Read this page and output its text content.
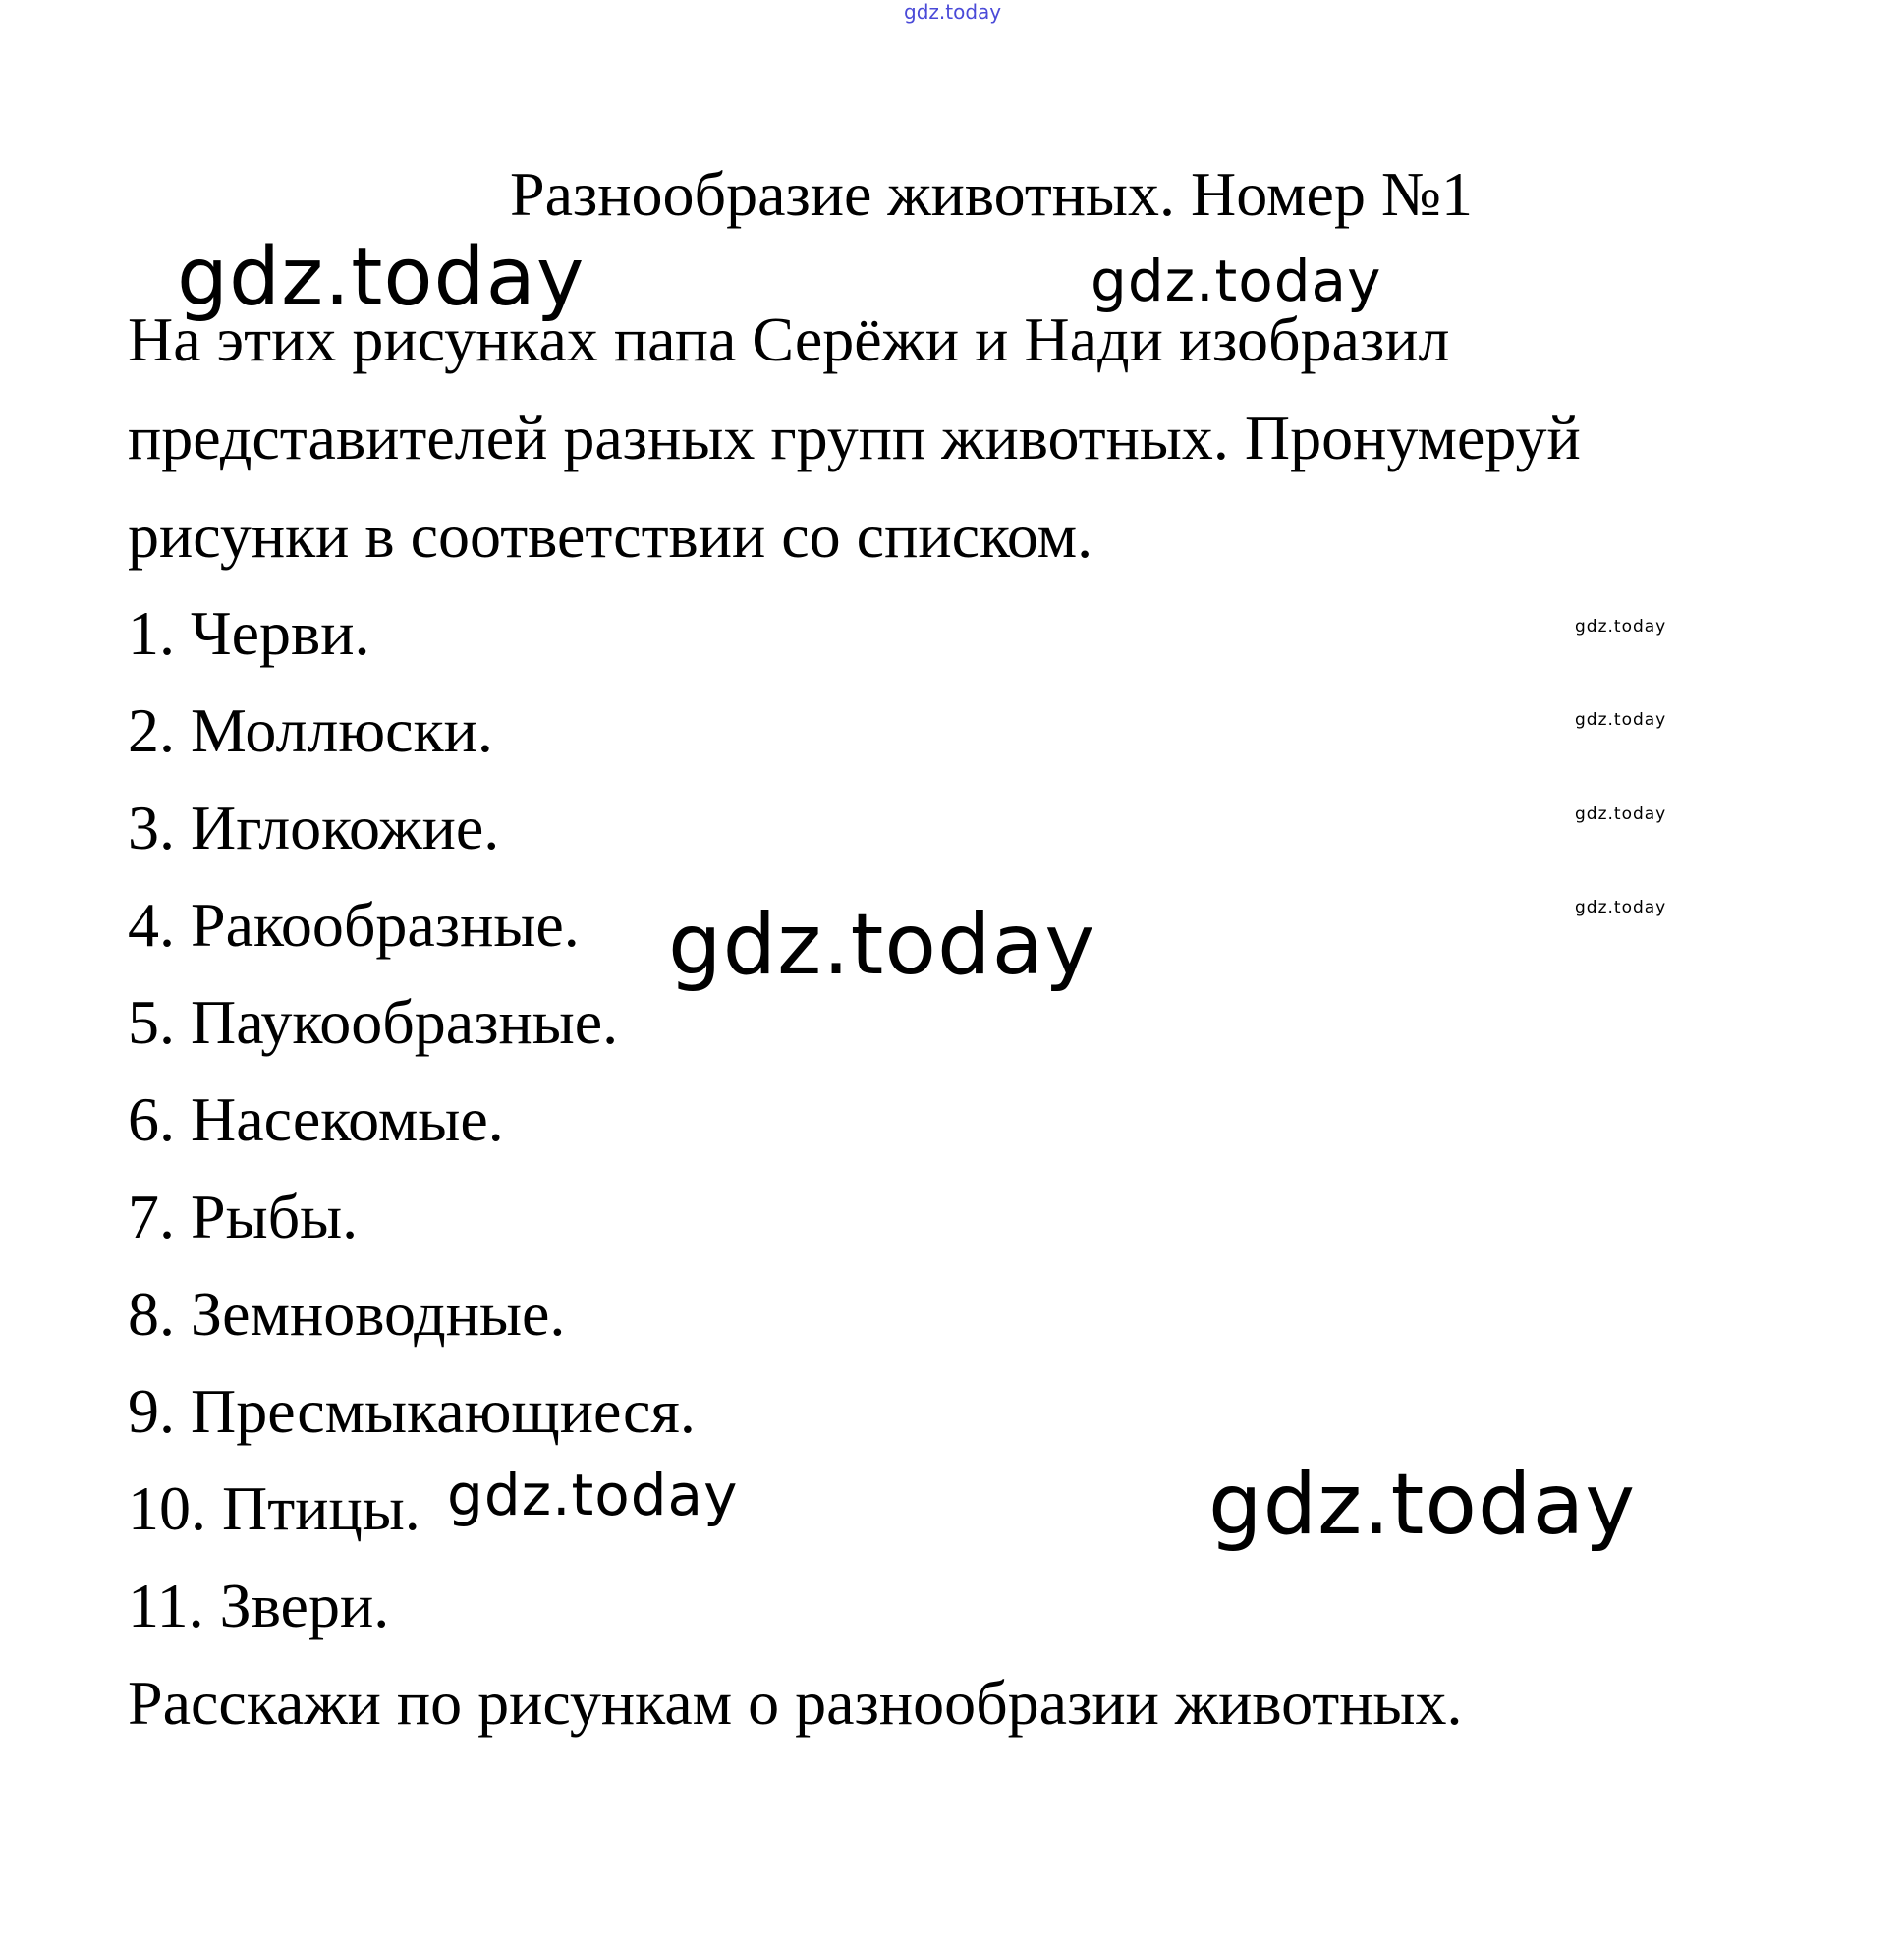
gdz.today
Разнообразие животных. Номер №1
gdz.today	gdz.today
На этих рисунках папа Серёжи и Нади изобразил
представителей разных групп животных. Пронумеруй
рисунки в соответствии со списком.
1. Черви.
2. Моллюски.
3. Иглокожие.
4. Ракообразные.
5. Паукообразные.
6. Насекомые.
7. Рыбы.
8. Земноводные.
9. Пресмыкающиеся.
10. Птицы.
11. Звери.
Расскажи по рисункам о разнообразии животных.
gdz.today
gdz.today
gdz.today
gdz.today
gdz.today
gdz.today	gdz.today
